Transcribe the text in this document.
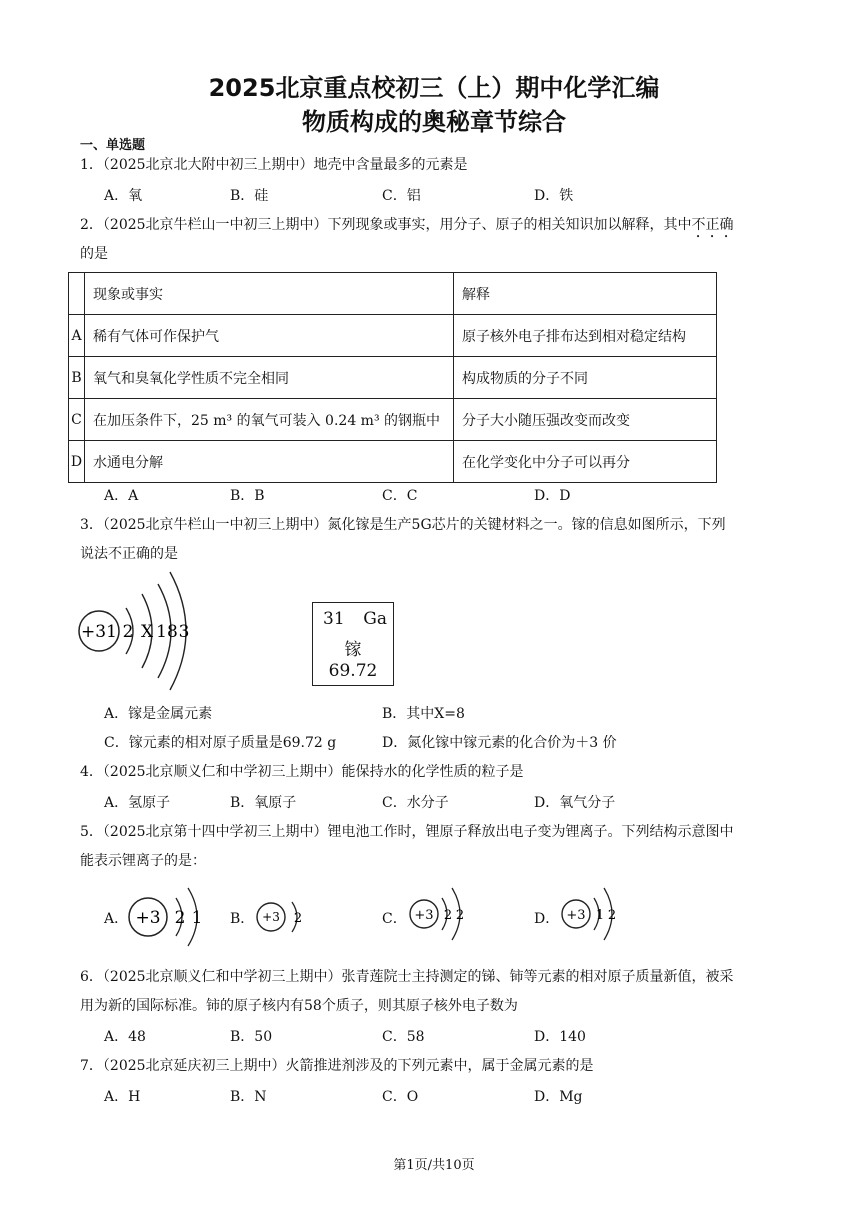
2025北京重点校初三（上）期中化学汇编
物质构成的奥秘章节综合
一、单选题
1．（2025北京北大附中初三上期中）地壳中含量最多的元素是
A．氧	B．硅	C．铝	D．铁
2．（2025北京牛栏山一中初三上期中）下列现象或事实，用分子、原子的相关知识加以解释，其中不正确
的是
	现象或事实	解释
A	稀有气体可作保护气	原子核外电子排布达到相对稳定结构
B	氧气和臭氧化学性质不完全相同	构成物质的分子不同
C	在加压条件下，25 m³ 的氧气可装入 0.24 m³ 的钢瓶中	分子大小随压强改变而改变
D	水通电分解	在化学变化中分子可以再分
A．A	B．B	C．C	D．D
3．（2025北京牛栏山一中初三上期中）氮化镓是生产5G芯片的关键材料之一。镓的信息如图所示，下列
说法不正确的是
+31 2 X 18 3
31 Ga
镓
69.72
A．镓是金属元素	B．其中X=8
C．镓元素的相对原子质量是69.72 g	D．氮化镓中镓元素的化合价为＋3 价
4．（2025北京顺义仁和中学初三上期中）能保持水的化学性质的粒子是
A．氢原子	B．氧原子	C．水分子	D．氧气分子
5．（2025北京第十四中学初三上期中）锂电池工作时，锂原子释放出电子变为锂离子。下列结构示意图中
能表示锂离子的是：
A． +3 2 1 B． +3 2	C． +3 2 2	D． +3 1 2
6．（2025北京顺义仁和中学初三上期中）张青莲院士主持测定的锑、铈等元素的相对原子质量新值，被采
用为新的国际标准。铈的原子核内有58个质子，则其原子核外电子数为
A．48	B．50	C．58	D．140
7．（2025北京延庆初三上期中）火箭推进剂涉及的下列元素中，属于金属元素的是
A．H	B．N	C．O	D．Mg
第1页/共10页
